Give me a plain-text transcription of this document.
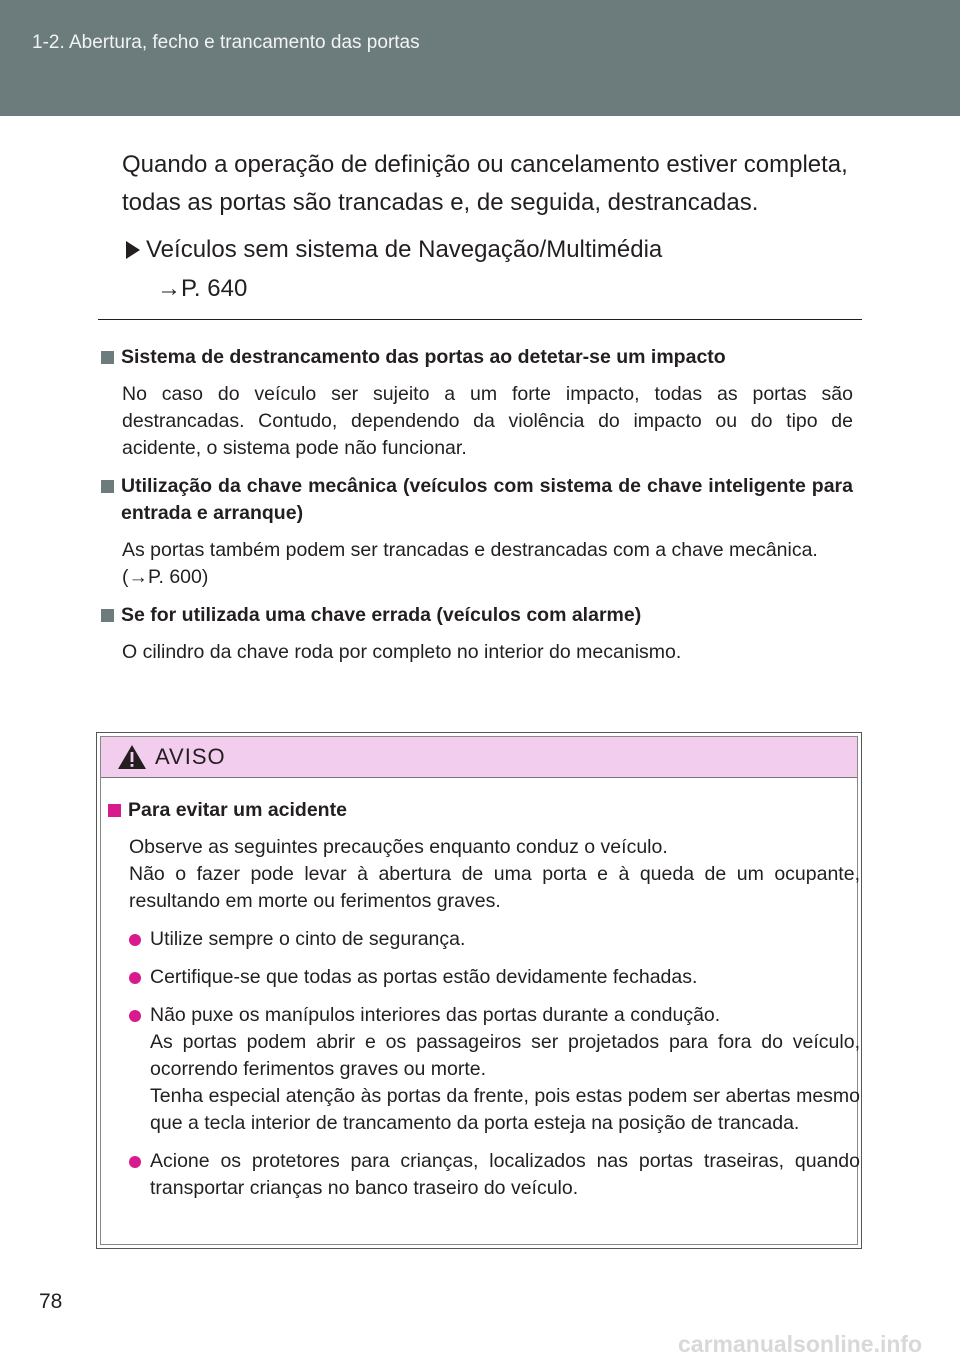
1-2. Abertura, fecho e trancamento das portas

Quando a operação de definição ou cancelamento estiver completa, todas as portas são trancadas e, de seguida, destrancadas.

Veículos sem sistema de Navegação/Multimédia
→P. 640
Sistema de destrancamento das portas ao detetar-se um impacto
No caso do veículo ser sujeito a um forte impacto, todas as portas são destrancadas. Contudo, dependendo da violência do impacto ou do tipo de acidente, o sistema pode não funcionar.
Utilização da chave mecânica (veículos com sistema de chave inteligente para entrada e arranque)
As portas também podem ser trancadas e destrancadas com a chave mecânica.
(→P. 600)
Se for utilizada uma chave errada (veículos com alarme)
O cilindro da chave roda por completo no interior do mecanismo.
AVISO
Para evitar um acidente
Observe as seguintes precauções enquanto conduz o veículo.
Não o fazer pode levar à abertura de uma porta e à queda de um ocupante, resultando em morte ou ferimentos graves.
Utilize sempre o cinto de segurança.
Certifique-se que todas as portas estão devidamente fechadas.
Não puxe os manípulos interiores das portas durante a condução.
As portas podem abrir e os passageiros ser projetados para fora do veículo, ocorrendo ferimentos graves ou morte.
Tenha especial atenção às portas da frente, pois estas podem ser abertas mesmo que a tecla interior de trancamento da porta esteja na posição de trancada.
Acione os protetores para crianças, localizados nas portas traseiras, quando transportar crianças no banco traseiro do veículo.
78
carmanualsonline.info
